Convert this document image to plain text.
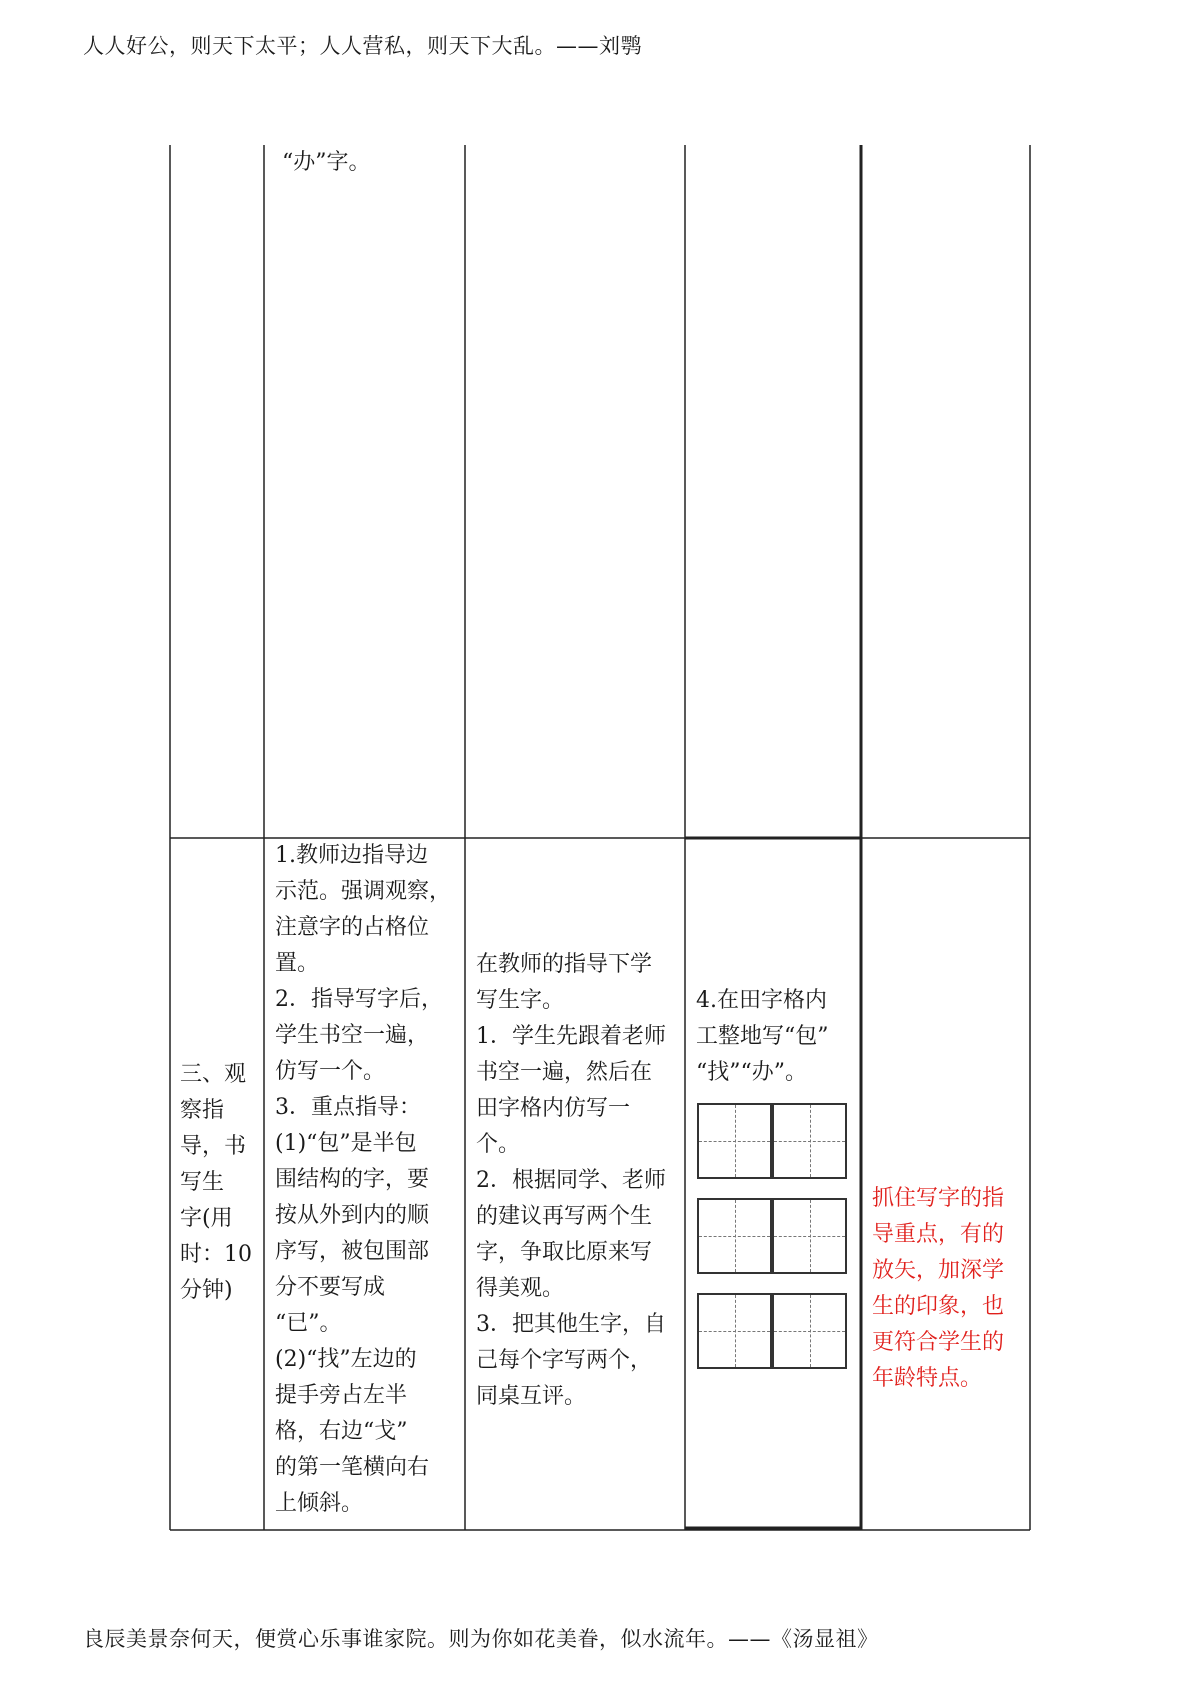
人人好公，则天下太平；人人营私，则天下大乱。——刘鹗
“办”字。
三、观
察指
导，书
写生
字(用
时：10
分钟)
1.教师边指导边
示范。强调观察，
注意字的占格位
置。
2．指导写字后，
学生书空一遍，
仿写一个。
3．重点指导：
(1)“包”是半包
围结构的字，要
按从外到内的顺
序写，被包围部
分不要写成
“已”。
(2)“找”左边的
提手旁占左半
格，右边“戈”
的第一笔横向右
上倾斜。
在教师的指导下学
写生字。
1．学生先跟着老师
书空一遍，然后在
田字格内仿写一
个。
2．根据同学、老师
的建议再写两个生
字，争取比原来写
得美观。
3．把其他生字，自
己每个字写两个，
同桌互评。
4.在田字格内
工整地写“包”
“找”“办”。
抓住写字的指
导重点，有的
放矢，加深学
生的印象，也
更符合学生的
年龄特点。
良辰美景奈何天，便赏心乐事谁家院。则为你如花美眷，似水流年。——《汤显祖》
